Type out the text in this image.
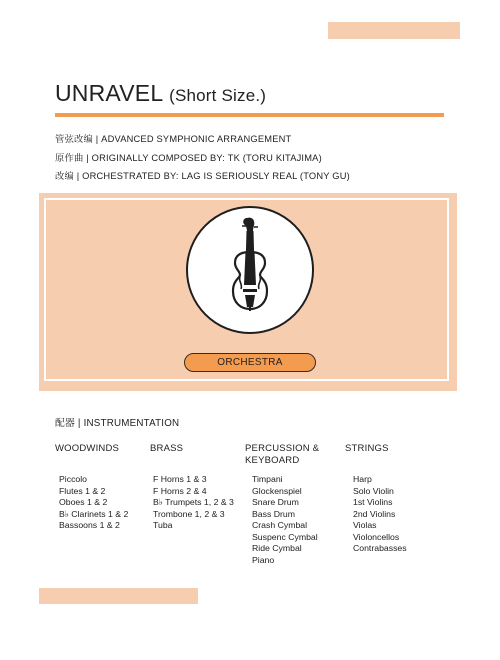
UNRAVEL (Short Size.)
管弦改编 | ADVANCED SYMPHONIC ARRANGEMENT
原作曲 | ORIGINALLY COMPOSED BY: TK (TORU KITAJIMA)
改编 | ORCHESTRATED BY: LAG IS SERIOUSLY REAL (TONY GU)
ORCHESTRA
配器 | INSTRUMENTATION
WOODWINDS	BRASS	PERCUSSION &
KEYBOARD
STRINGS
Piccolo
Flutes 1 & 2
Oboes 1 & 2
B♭ Clarinets 1 & 2
Bassoons 1 & 2
F Horns 1 & 3
F Horns 2 & 4
B♭ Trumpets 1, 2 & 3
Trombone 1, 2 & 3
Tuba
Timpani
Glockenspiel
Snare Drum
Bass Drum
Crash Cymbal
Suspenc Cymbal
Ride Cymbal
Piano
Harp
Solo Violin
1st Violins
2nd Violins
Violas
Violoncellos
Contrabasses
